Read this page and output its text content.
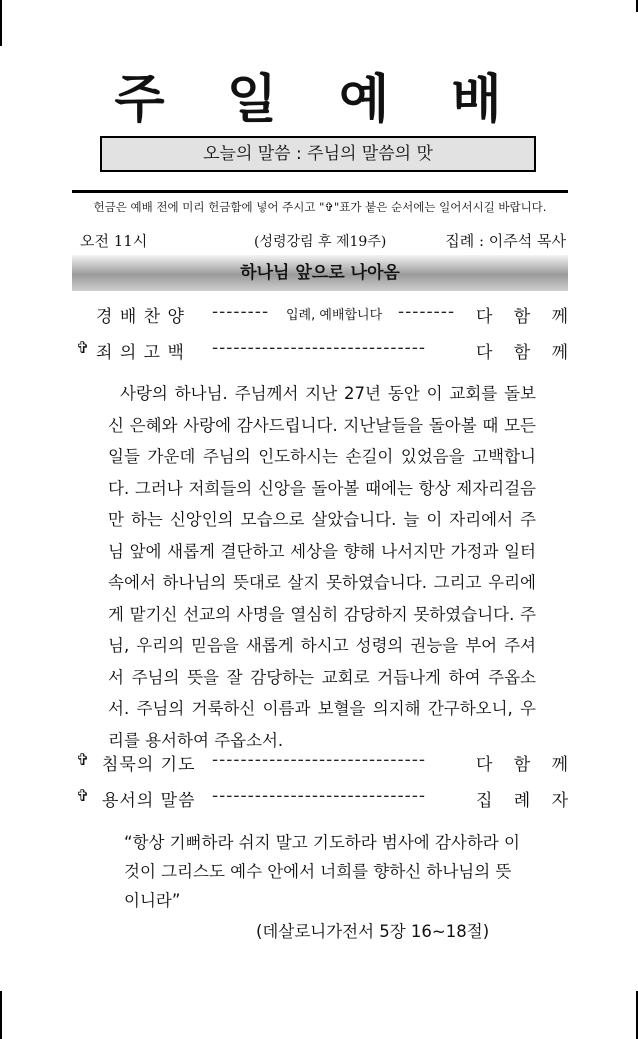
주 일 예 배
오늘의 말씀 : 주님의 말씀의 맛
헌금은 예배 전에 미리 헌금함에 넣어 주시고 "✞"표가 붙은 순서에는 일어서시길 바랍니다.
오전 11시	(성령강림 후 제19주)	집례 : 이주석 목사
하나님 앞으로 나아옴
경 배 찬 양 --------	입례, 예배합니다 --------	다 함 께
✞ 죄 의 고 백 ------------------------------	다 함 께
사랑의 하나님. 주님께서 지난 27년 동안 이 교회를 돌보신 은혜와 사랑에 감사드립니다. 지난날들을 돌아볼 때 모든 일들 가운데 주님의 인도하시는 손길이 있었음을 고백합니다. 그러나 저희들의 신앙을 돌아볼 때에는 항상 제자리걸음만 하는 신앙인의 모습으로 살았습니다. 늘 이 자리에서 주님 앞에 새롭게 결단하고 세상을 향해 나서지만 가정과 일터 속에서 하나님의 뜻대로 살지 못하였습니다. 그리고 우리에게 맡기신 선교의 사명을 열심히 감당하지 못하였습니다. 주님, 우리의 믿음을 새롭게 하시고 성령의 권능을 부어 주셔서 주님의 뜻을 잘 감당하는 교회로 거듭나게 하여 주옵소서. 주님의 거룩하신 이름과 보혈을 의지해 간구하오니, 우리를 용서하여 주옵소서.
✞ 침묵의 기도 ------------------------------	다 함 께
✞ 용서의 말씀 ------------------------------	집 례 자
“항상 기뻐하라 쉬지 말고 기도하라 범사에 감사하라 이것이 그리스도 예수 안에서 너희를 향하신 하나님의 뜻이니라”
(데살로니가전서 5장 16~18절)
